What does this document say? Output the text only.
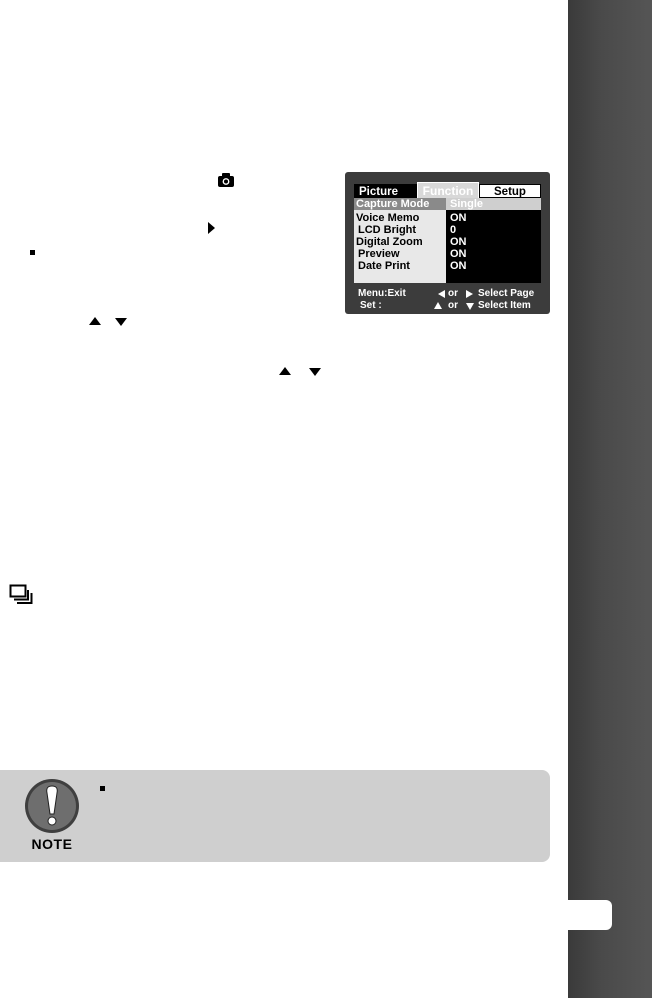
Picture	Function	Setup
Capture Mode
Voice Memo
LCD Bright
Digital Zoom
Preview
Date Print
Single
ON
0
ON
ON
ON
Menu:Exit
Set :
or Select Page
or Select Item
NOTE
